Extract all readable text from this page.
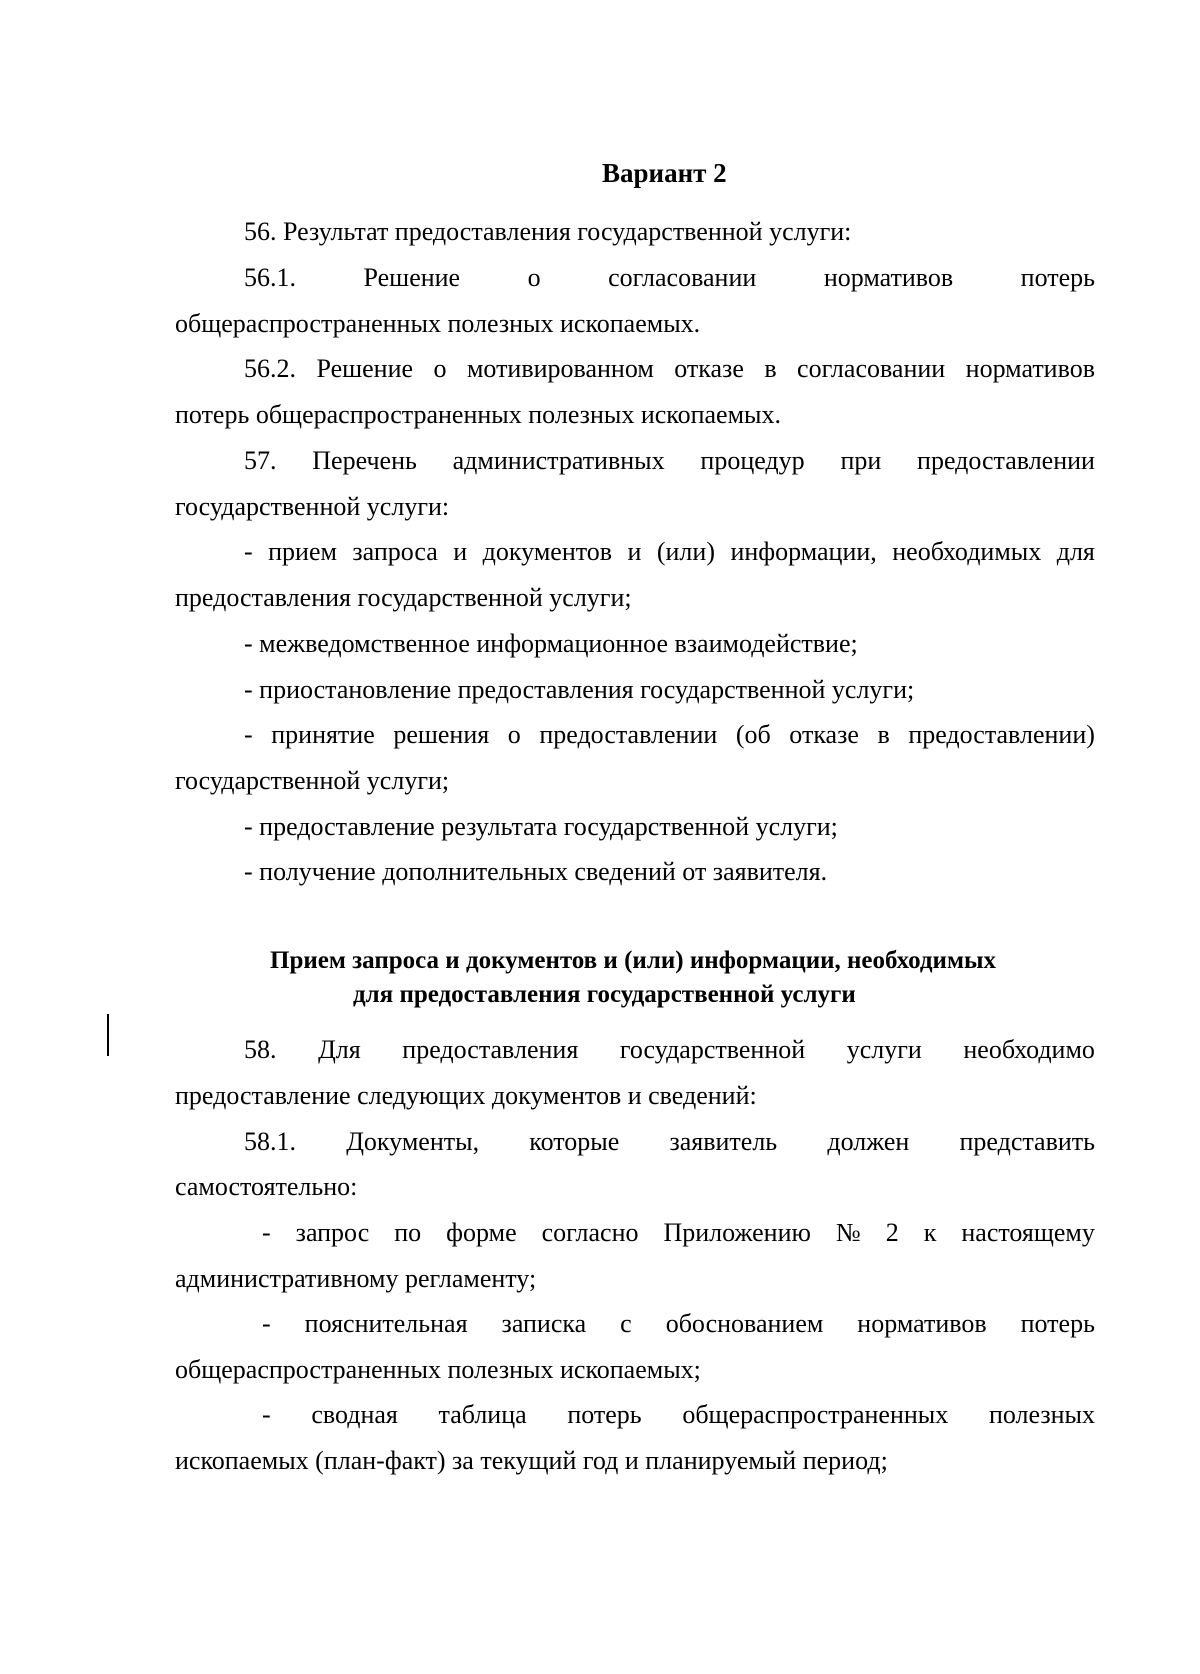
Вариант 2
56. Результат предоставления государственной услуги:
56.1.	Решение	о	согласовании	нормативов	потерь
общераспространенных полезных ископаемых.
56.2. Решение о мотивированном отказе в согласовании нормативов
потерь общераспространенных полезных ископаемых.
57. Перечень административных процедур при предоставлении
государственной услуги:
- прием запроса и документов и (или) информации, необходимых для
предоставления государственной услуги;
- межведомственное информационное взаимодействие;
- приостановление предоставления государственной услуги;
- принятие решения о предоставлении (об отказе в предоставлении)
государственной услуги;
- предоставление результата государственной услуги;
- получение дополнительных сведений от заявителя.
Прием запроса и документов и (или) информации, необходимых
для предоставления государственной услуги
58. Для предоставления государственной услуги необходимо
предоставление следующих документов и сведений:
58.1. Документы, которые заявитель должен представить
самостоятельно:
- запрос по форме согласно Приложению № 2 к настоящему
административному регламенту;
- пояснительная записка с обоснованием нормативов потерь
общераспространенных полезных ископаемых;
- сводная таблица потерь общераспространенных полезных
ископаемых (план-факт) за текущий год и планируемый период;
